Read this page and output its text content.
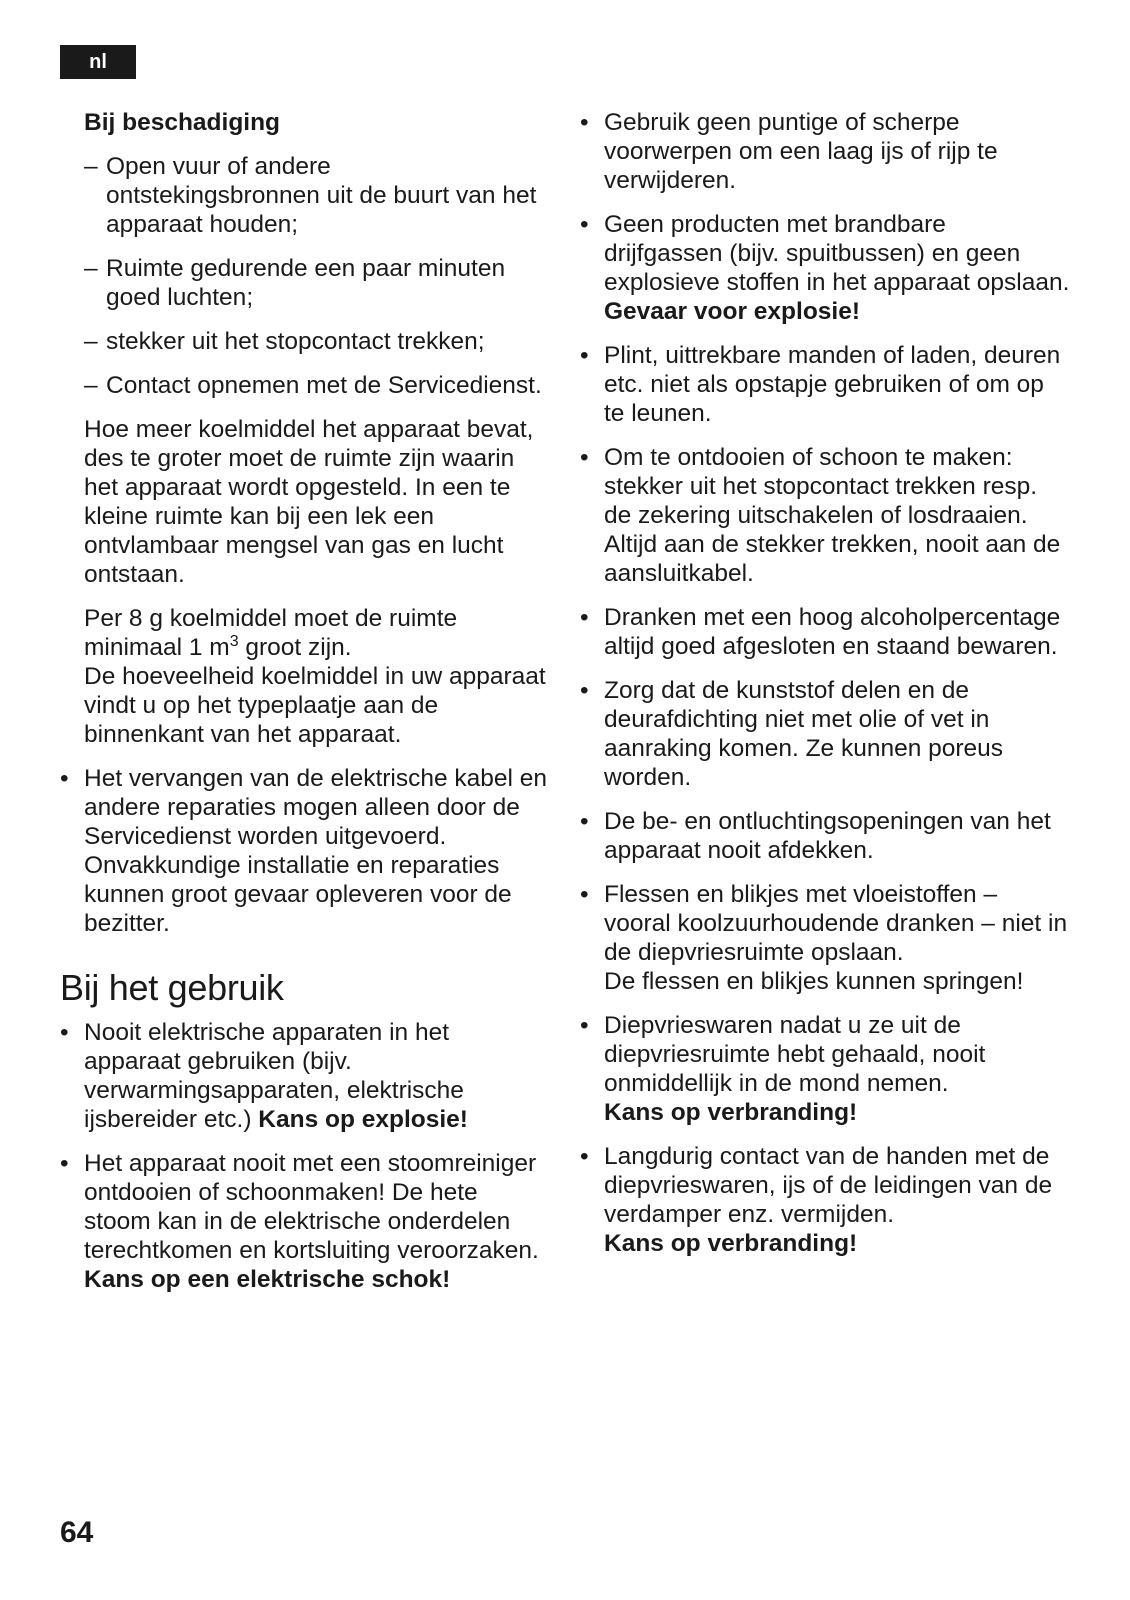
nl
Bij beschadiging
– Open vuur of andere ontstekingsbronnen uit de buurt van het apparaat houden;
– Ruimte gedurende een paar minuten goed luchten;
– stekker uit het stopcontact trekken;
– Contact opnemen met de Servicedienst.
Hoe meer koelmiddel het apparaat bevat, des te groter moet de ruimte zijn waarin het apparaat wordt opgesteld. In een te kleine ruimte kan bij een lek een ontvlambaar mengsel van gas en lucht ontstaan.
Per 8 g koelmiddel moet de ruimte minimaal 1 $m^3$ groot zijn.
De hoeveelheid koelmiddel in uw apparaat vindt u op het typeplaatje aan de binnenkant van het apparaat.
• Het vervangen van de elektrische kabel en andere reparaties mogen alleen door de Servicedienst worden uitgevoerd. Onvakkundige installatie en reparaties kunnen groot gevaar opleveren voor de bezitter.
Bij het gebruik
• Nooit elektrische apparaten in het apparaat gebruiken (bijv. verwarmingsapparaten, elektrische ijsbereider etc.) Kans op explosie!
• Het apparaat nooit met een stoomreiniger ontdooien of schoonmaken! De hete stoom kan in de elektrische onderdelen terechtkomen en kortsluiting veroorzaken.
Kans op een elektrische schok!
• Gebruik geen puntige of scherpe voorwerpen om een laag ijs of rijp te verwijderen.
• Geen producten met brandbare drijfgassen (bijv. spuitbussen) en geen explosieve stoffen in het apparaat opslaan.
Gevaar voor explosie!
• Plint, uittrekbare manden of laden, deuren etc. niet als opstapje gebruiken of om op te leunen.
• Om te ontdooien of schoon te maken: stekker uit het stopcontact trekken resp. de zekering uitschakelen of losdraaien.
Altijd aan de stekker trekken, nooit aan de aansluitkabel.
• Dranken met een hoog alcoholpercentage altijd goed afgesloten en staand bewaren.
• Zorg dat de kunststof delen en de deurafdichting niet met olie of vet in aanraking komen. Ze kunnen poreus worden.
• De be- en ontluchtingsopeningen van het apparaat nooit afdekken.
• Flessen en blikjes met vloeistoffen – vooral koolzuurhoudende dranken – niet in de diepvriesruimte opslaan.
De flessen en blikjes kunnen springen!
• Diepvrieswaren nadat u ze uit de diepvriesruimte hebt gehaald, nooit onmiddellijk in de mond nemen.
Kans op verbranding!
• Langdurig contact van de handen met de diepvrieswaren, ijs of de leidingen van de verdamper enz. vermijden.
Kans op verbranding!
64
